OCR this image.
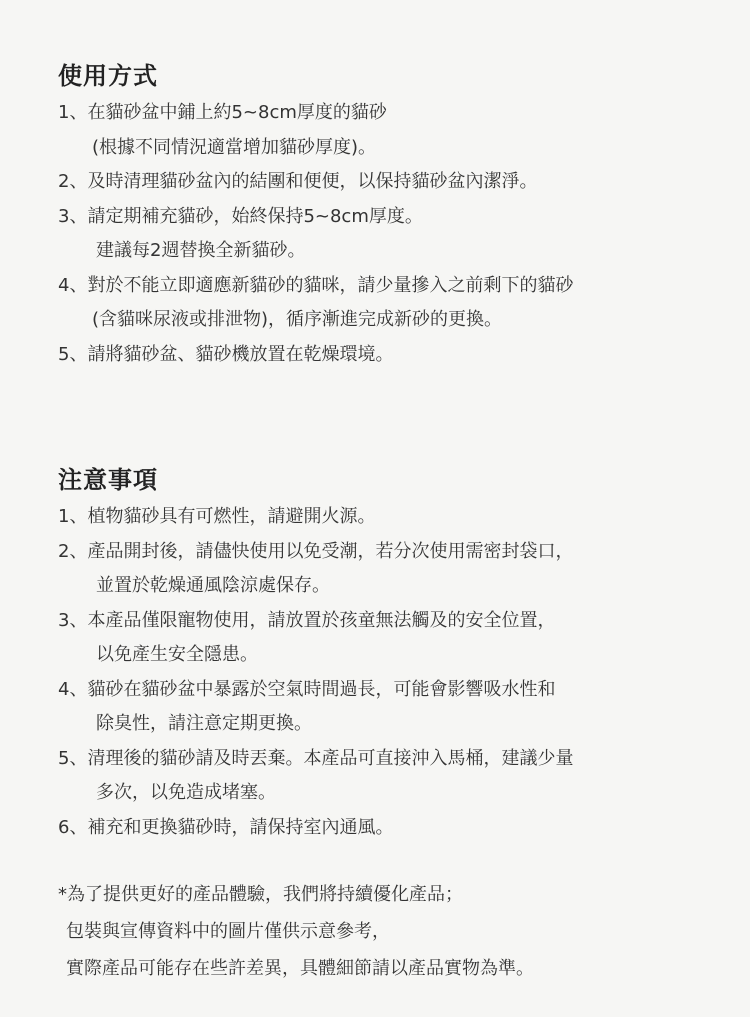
使用方式
1、在貓砂盆中鋪上約5~8cm厚度的貓砂
(根據不同情況適當增加貓砂厚度)。
2、及時清理貓砂盆內的結團和便便，以保持貓砂盆內潔淨。
3、請定期補充貓砂，始終保持5~8cm厚度。
建議每2週替換全新貓砂。
4、對於不能立即適應新貓砂的貓咪，請少量摻入之前剩下的貓砂
(含貓咪尿液或排泄物)，循序漸進完成新砂的更換。
5、請將貓砂盆、貓砂機放置在乾燥環境。
注意事項
1、植物貓砂具有可燃性，請避開火源。
2、產品開封後，請儘快使用以免受潮，若分次使用需密封袋口，
並置於乾燥通風陰涼處保存。
3、本產品僅限寵物使用，請放置於孩童無法觸及的安全位置，
以免產生安全隱患。
4、貓砂在貓砂盆中暴露於空氣時間過長，可能會影響吸水性和
除臭性，請注意定期更換。
5、清理後的貓砂請及時丟棄。本產品可直接沖入馬桶，建議少量
多次，以免造成堵塞。
6、補充和更換貓砂時，請保持室內通風。
*為了提供更好的產品體驗，我們將持續優化產品；
包裝與宣傳資料中的圖片僅供示意參考，
實際產品可能存在些許差異，具體細節請以產品實物為準。
